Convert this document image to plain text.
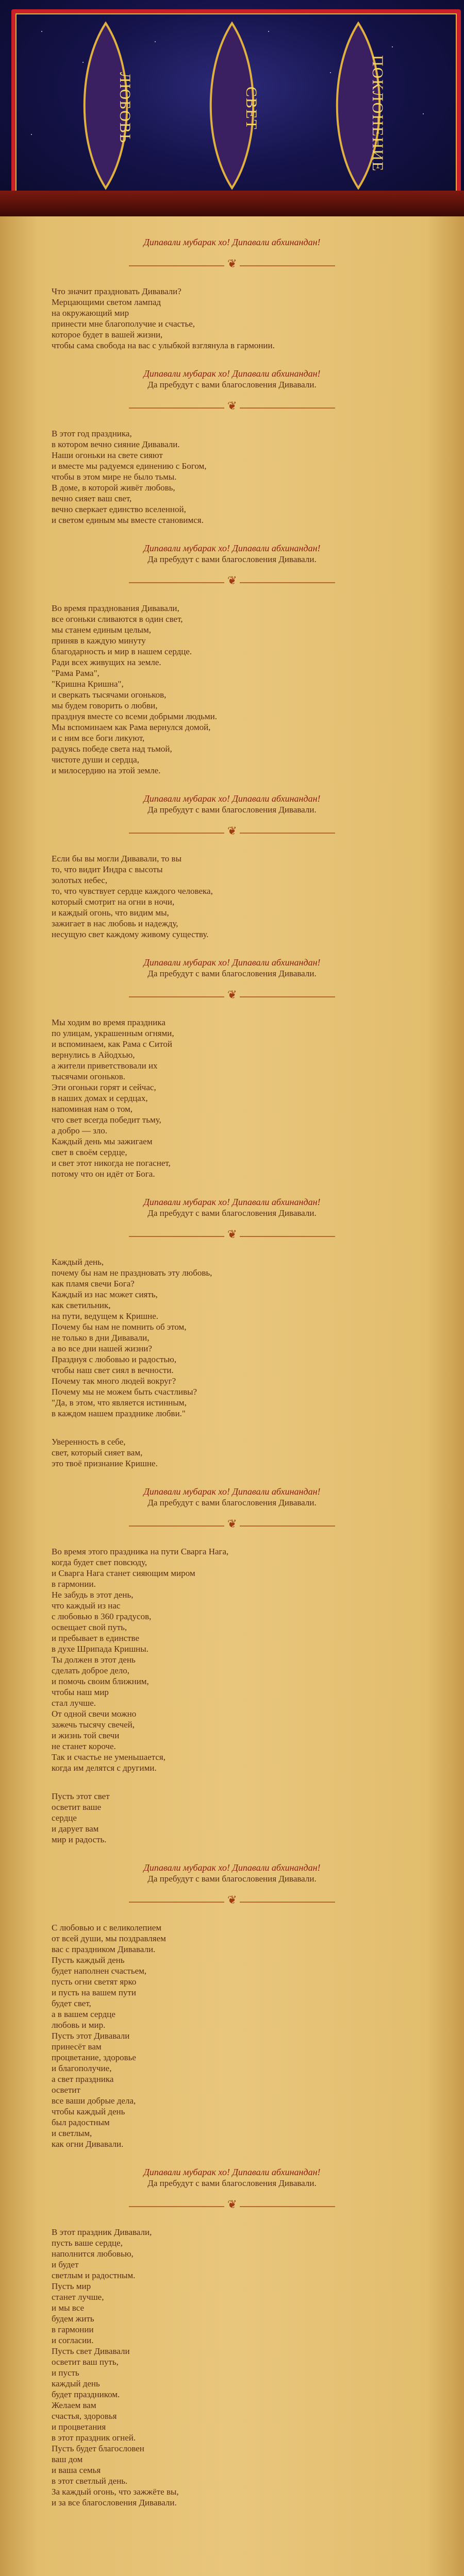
ЛЮБОВЬ	СВЕТ	ПОКЛОНЕНИЕ
Дипавали мубарак хо! Дипавали абхинандан!
❦
Что значит праздновать Дивавали?
Мерцающими светом лампад
на окружающий мир
принести мне благополучие и счастье,
которое будет в вашей жизни,
чтобы сама свобода на вас с улыбкой взглянула в гармонии.
Дипавали мубарак хо! Дипавали абхинандан!
Да пребудут с вами благословения Дивавали.
❦
В этот год праздника,
в котором вечно сияние Дивавали.
Наши огоньки на свете сияют
и вместе мы радуемся единению с Богом,
чтобы в этом мире не было тьмы.
В доме, в которой живёт любовь,
вечно сияет ваш свет,
вечно сверкает единство вселенной,
и светом единым мы вместе становимся.
Дипавали мубарак хо! Дипавали абхинандан!
Да пребудут с вами благословения Дивавали.
❦
Во время празднования Дивавали,
все огоньки сливаются в один свет,
мы станем единым целым,
приняв в каждую минуту
благодарность и мир в нашем сердце.
Ради всех живущих на земле.
"Рама Рама",
"Кришна Кришна",
и сверкать тысячами огоньков,
мы будем говорить о любви,
празднуя вместе со всеми добрыми людьми.
Мы вспоминаем как Рама вернулся домой,
и с ним все боги ликуют,
радуясь победе света над тьмой,
чистоте души и сердца,
и милосердию на этой земле.
Дипавали мубарак хо! Дипавали абхинандан!
Да пребудут с вами благословения Дивавали.
❦
Если бы вы могли Дивавали, то вы
то, что видит Индра с высоты
золотых небес,
то, что чувствует сердце каждого человека,
который смотрит на огни в ночи,
и каждый огонь, что видим мы,
зажигает в нас любовь и надежду,
несущую свет каждому живому существу.
Дипавали мубарак хо! Дипавали абхинандан!
Да пребудут с вами благословения Дивавали.
❦
Мы ходим во время праздника
по улицам, украшенным огнями,
и вспоминаем, как Рама с Ситой
вернулись в Айодхью,
а жители приветствовали их
тысячами огоньков.
Эти огоньки горят и сейчас,
в наших домах и сердцах,
напоминая нам о том,
что свет всегда победит тьму,
а добро — зло.
Каждый день мы зажигаем
свет в своём сердце,
и свет этот никогда не погаснет,
потому что он идёт от Бога.
Дипавали мубарак хо! Дипавали абхинандан!
Да пребудут с вами благословения Дивавали.
❦
Каждый день,
почему бы нам не праздновать эту любовь,
как пламя свечи Бога?
Каждый из нас может сиять,
как светильник,
на пути, ведущем к Кришне.
Почему бы нам не помнить об этом,
не только в дни Дивавали,
а во все дни нашей жизни?
Празднуя с любовью и радостью,
чтобы наш свет сиял в вечности.
Почему так много людей вокруг?
Почему мы не можем быть счастливы?
"Да, в этом, что является истинным,
в каждом нашем празднике любви."
Уверенность в себе,
свет, который сияет вам,
это твоё признание Кришне.
Дипавали мубарак хо! Дипавали абхинандан!
Да пребудут с вами благословения Дивавали.
❦
Во время этого праздника на пути Сварга Нага,
когда будет свет повсюду,
и Сварга Нага станет сияющим миром
в гармонии.
Не забудь в этот день,
что каждый из нас
с любовью в 360 градусов,
освещает свой путь,
и пребывает в единстве
в духе Шрипада Кришны.
Ты должен в этот день
сделать доброе дело,
и помочь своим ближним,
чтобы наш мир
стал лучше.
От одной свечи можно
зажечь тысячу свечей,
и жизнь той свечи
не станет короче.
Так и счастье не уменьшается,
когда им делятся с другими.
Пусть этот свет
осветит ваше
сердце
и дарует вам
мир и радость.
Дипавали мубарак хо! Дипавали абхинандан!
Да пребудут с вами благословения Дивавали.
❦
С любовью и с великолепием
от всей души, мы поздравляем
вас с праздником Дивавали.
Пусть каждый день
будет наполнен счастьем,
пусть огни светят ярко
и пусть на вашем пути
будет свет,
а в вашем сердце
любовь и мир.
Пусть этот Дивавали
принесёт вам
процветание, здоровье
и благополучие,
а свет праздника
осветит
все ваши добрые дела,
чтобы каждый день
был радостным
и светлым,
как огни Дивавали.
Дипавали мубарак хо! Дипавали абхинандан!
Да пребудут с вами благословения Дивавали.
❦
В этот праздник Дивавали,
пусть ваше сердце,
наполнится любовью,
и будет
светлым и радостным.
Пусть мир
станет лучше,
и мы все
будем жить
в гармонии
и согласии.
Пусть свет Дивавали
осветит ваш путь,
и пусть
каждый день
будет праздником.
Желаем вам
счастья, здоровья
и процветания
в этот праздник огней.
Пусть будет благословен
ваш дом
и ваша семья
в этот светлый день.
За каждый огонь, что зажжёте вы,
и за все благословения Дивавали.
